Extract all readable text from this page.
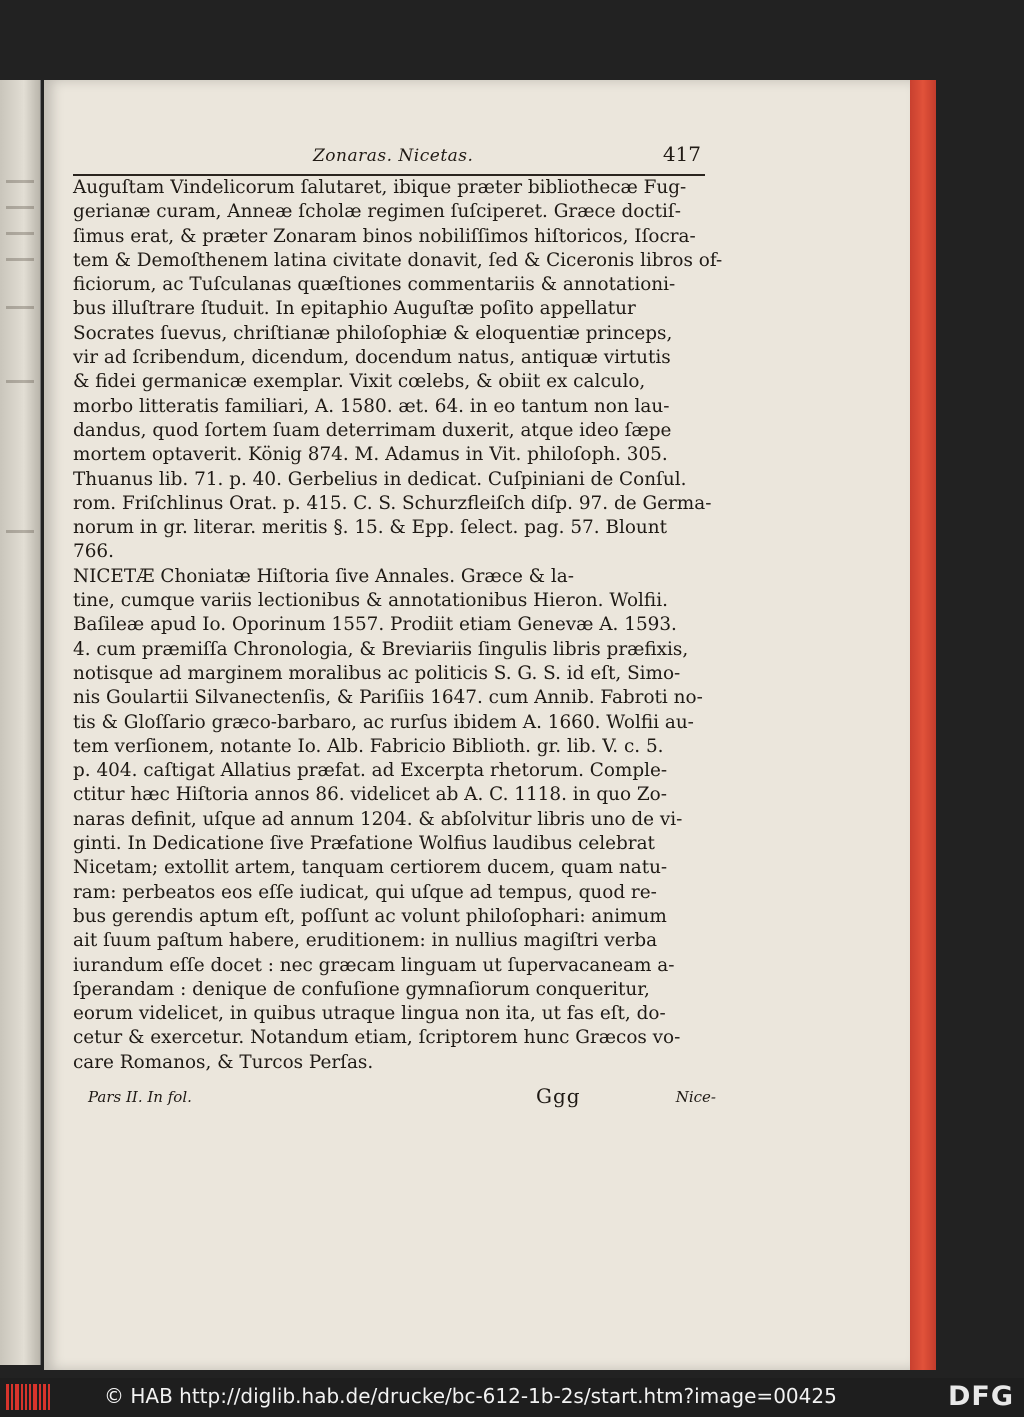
Zonaras. Nicetas.	417
Auguſtam Vindelicorum ſalutaret, ibique præter bibliothecæ Fug-
gerianæ curam, Anneæ ſcholæ regimen ſuſciperet. Græce doctiſ-
ſimus erat, & præter Zonaram binos nobiliſſimos hiſtoricos, Iſocra-
tem & Demoſthenem latina civitate donavit, ſed & Ciceronis libros of-
ficiorum, ac Tuſculanas quæſtiones commentariis & annotationi-
bus illuſtrare ſtuduit. In epitaphio Auguſtæ poſito appellatur
Socrates ſuevus, chriſtianæ philoſophiæ & eloquentiæ princeps,
vir ad ſcribendum, dicendum, docendum natus, antiquæ virtutis
& fidei germanicæ exemplar. Vixit cœlebs, & obiit ex calculo,
morbo litteratis familiari, A. 1580. æt. 64. in eo tantum non lau-
dandus, quod ſortem ſuam deterrimam duxerit, atque ideo ſæpe
mortem optaverit. König 874. M. Adamus in Vit. philoſoph. 305.
Thuanus lib. 71. p. 40. Gerbelius in dedicat. Cuſpiniani de Conſul.
rom. Friſchlinus Orat. p. 415. C. S. Schurzfleiſch diſp. 97. de Germa-
norum in gr. literar. meritis §. 15. & Epp. ſelect. pag. 57. Blount
766.
NICETÆ Choniatæ Hiſtoria ſive Annales. Græce & la-
tine, cumque variis lectionibus & annotationibus Hieron. Wolfii.
Baſileæ apud Io. Oporinum 1557. Prodiit etiam Genevæ A. 1593.
4. cum præmiſſa Chronologia, & Breviariis ſingulis libris præfixis,
notisque ad marginem moralibus ac politicis S. G. S. id eſt, Simo-
nis Goulartii Silvanectenſis, & Pariſiis 1647. cum Annib. Fabroti no-
tis & Gloſſario græco-barbaro, ac rurſus ibidem A. 1660. Wolfii au-
tem verſionem, notante Io. Alb. Fabricio Biblioth. gr. lib. V. c. 5.
p. 404. caſtigat Allatius præfat. ad Excerpta rhetorum. Comple-
ctitur hæc Hiſtoria annos 86. videlicet ab A. C. 1118. in quo Zo-
naras definit, uſque ad annum 1204. & abſolvitur libris uno de vi-
ginti. In Dedicatione ſive Præfatione Wolfius laudibus celebrat
Nicetam; extollit artem, tanquam certiorem ducem, quam natu-
ram: perbeatos eos eſſe iudicat, qui uſque ad tempus, quod re-
bus gerendis aptum eſt, poſſunt ac volunt philoſophari: animum
ait ſuum paſtum habere, eruditionem: in nullius magiſtri verba
iurandum eſſe docet : nec græcam linguam ut ſupervacaneam a-
ſperandam : denique de confuſione gymnaſiorum conqueritur,
eorum videlicet, in quibus utraque lingua non ita, ut fas eſt, do-
cetur & exercetur. Notandum etiam, ſcriptorem hunc Græcos vo-
care Romanos, & Turcos Perſas.
Pars II. In fol.	Ggg	Nice-
© HAB http://diglib.hab.de/drucke/bc-612-1b-2s/start.htm?image=00425	DFG
